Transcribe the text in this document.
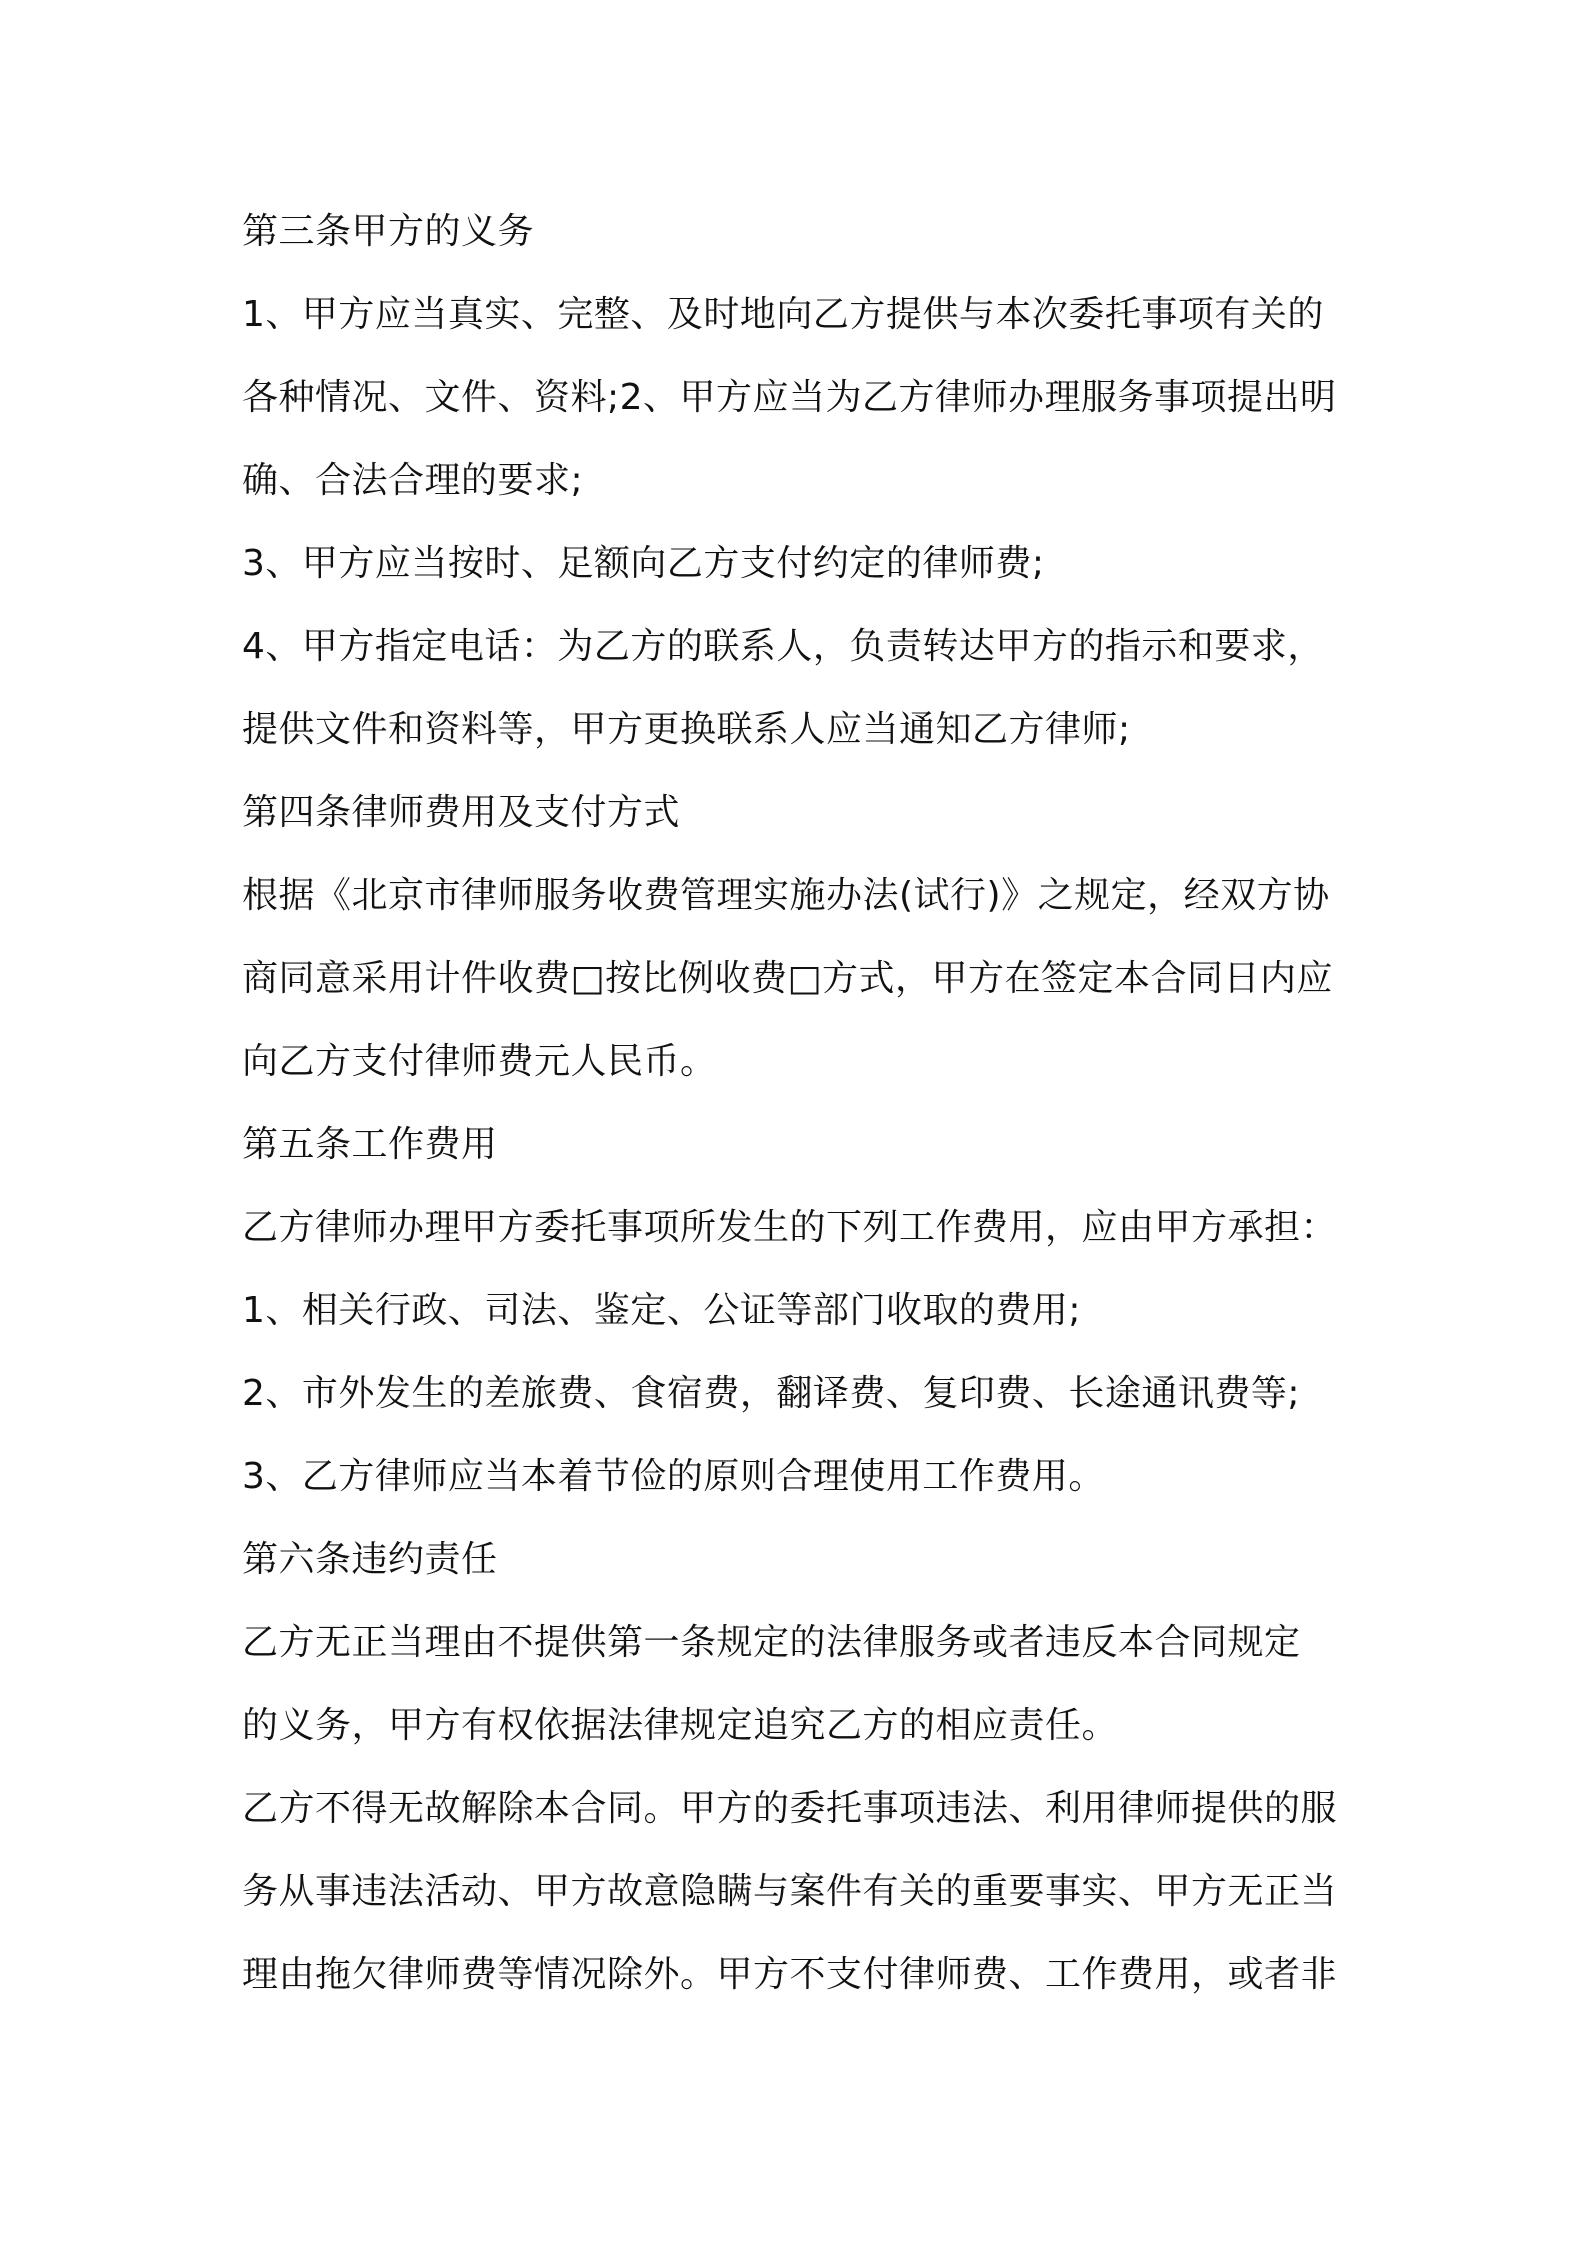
第三条甲方的义务
1、甲方应当真实、完整、及时地向乙方提供与本次委托事项有关的
各种情况、文件、资料;2、甲方应当为乙方律师办理服务事项提出明
确、合法合理的要求;
3、甲方应当按时、足额向乙方支付约定的律师费;
4、甲方指定电话：为乙方的联系人，负责转达甲方的指示和要求，
提供文件和资料等，甲方更换联系人应当通知乙方律师;
第四条律师费用及支付方式
根据《北京市律师服务收费管理实施办法(试行)》之规定，经双方协
商同意采用计件收费□按比例收费□方式，甲方在签定本合同日内应
向乙方支付律师费元人民币。
第五条工作费用
乙方律师办理甲方委托事项所发生的下列工作费用，应由甲方承担：
1、相关行政、司法、鉴定、公证等部门收取的费用;
2、市外发生的差旅费、食宿费，翻译费、复印费、长途通讯费等;
3、乙方律师应当本着节俭的原则合理使用工作费用。
第六条违约责任
乙方无正当理由不提供第一条规定的法律服务或者违反本合同规定
的义务，甲方有权依据法律规定追究乙方的相应责任。
乙方不得无故解除本合同。甲方的委托事项违法、利用律师提供的服
务从事违法活动、甲方故意隐瞒与案件有关的重要事实、甲方无正当
理由拖欠律师费等情况除外。甲方不支付律师费、工作费用，或者非
